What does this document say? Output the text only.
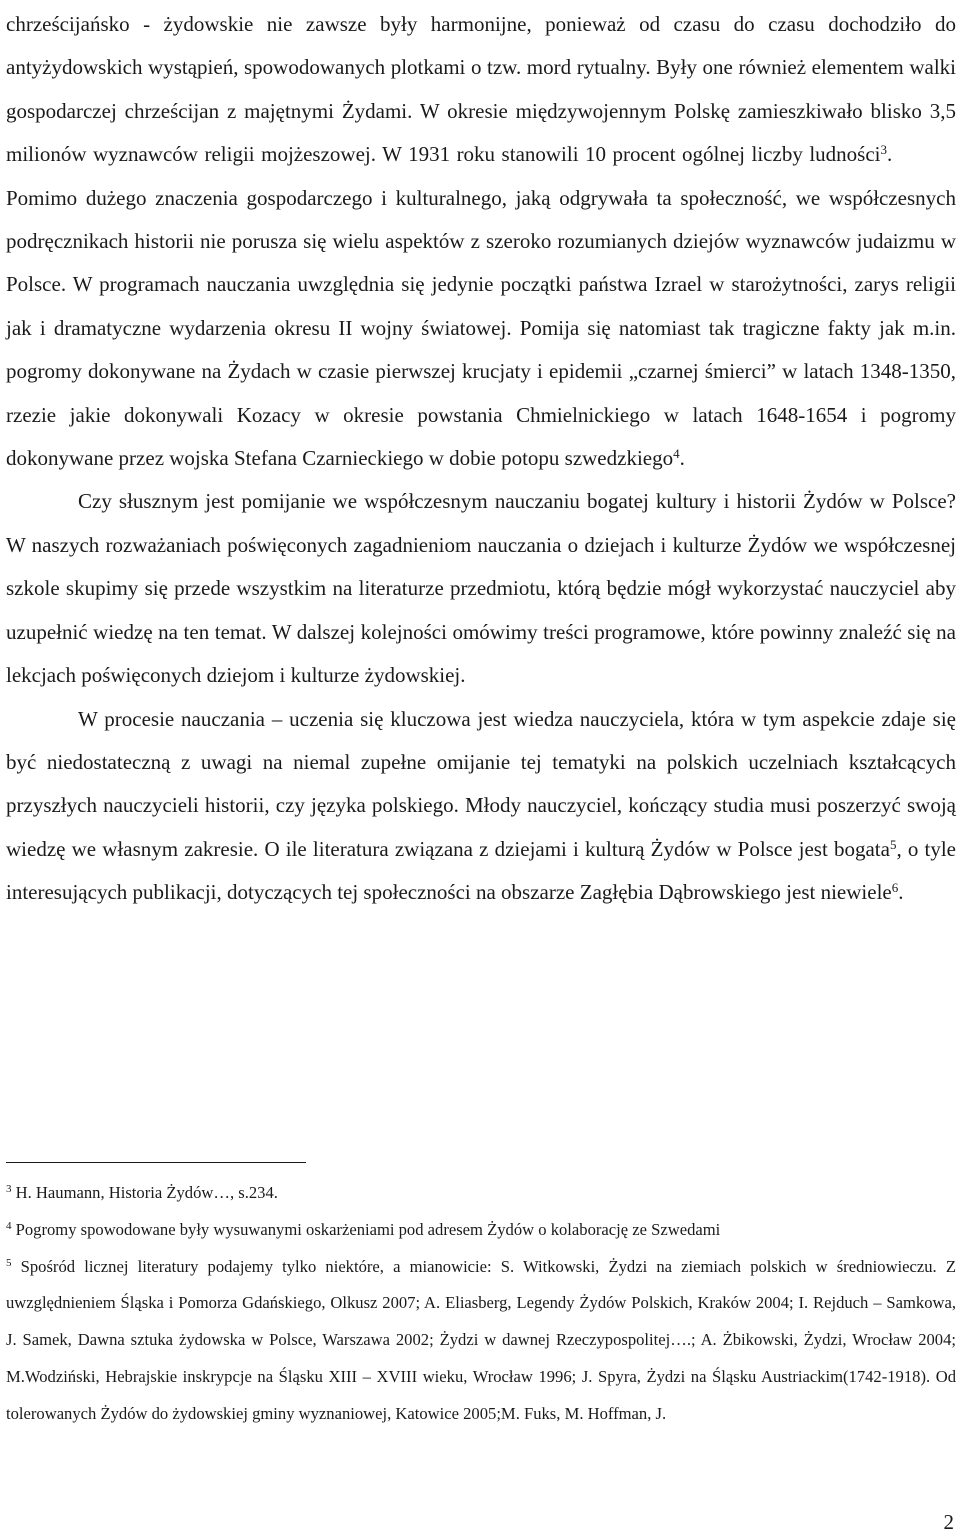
chrześcijańsko - żydowskie nie zawsze były harmonijne, ponieważ od czasu do czasu dochodziło do antyżydowskich wystąpień, spowodowanych plotkami o tzw. mord rytualny. Były one również elementem walki gospodarczej chrześcijan z majętnymi Żydami. W okresie międzywojennym Polskę zamieszkiwało blisko 3,5 milionów wyznawców religii mojżeszowej. W 1931 roku stanowili 10 procent ogólnej liczby ludności$^3$.           Pomimo dużego znaczenia gospodarczego i kulturalnego, jaką odgrywała ta społeczność, we współczesnych podręcznikach historii nie porusza się wielu aspektów z szeroko rozumianych dziejów wyznawców judaizmu w Polsce. W programach nauczania uwzględnia się jedynie początki państwa Izrael w starożytności, zarys religii jak i dramatyczne wydarzenia okresu II wojny światowej. Pomija się natomiast tak tragiczne fakty jak m.in. pogromy dokonywane na Żydach w czasie pierwszej krucjaty i epidemii „czarnej śmierci” w latach 1348-1350, rzezie jakie dokonywali Kozacy w okresie powstania Chmielnickiego w latach 1648-1654 i pogromy dokonywane przez wojska Stefana Czarnieckiego w dobie potopu szwedzkiego$^4$.

Czy słusznym jest pomijanie we współczesnym nauczaniu bogatej kultury i historii Żydów w Polsce? W naszych rozważaniach poświęconych zagadnieniom nauczania o dziejach i kulturze Żydów we współczesnej szkole skupimy się przede wszystkim na literaturze przedmiotu, którą będzie mógł wykorzystać nauczyciel aby uzupełnić wiedzę na ten temat. W dalszej kolejności omówimy treści programowe, które powinny znaleźć się na lekcjach poświęconych dziejom i kulturze żydowskiej.

W procesie nauczania – uczenia się kluczowa jest wiedza nauczyciela, która w tym aspekcie zdaje się być niedostateczną z uwagi na niemal zupełne omijanie tej tematyki na polskich uczelniach kształcących przyszłych nauczycieli historii, czy języka polskiego. Młody nauczyciel, kończący studia musi poszerzyć swoją wiedzę we własnym zakresie. O ile literatura związana z dziejami i kulturą Żydów w Polsce jest bogata$^5$, o tyle interesujących publikacji, dotyczących tej społeczności na obszarze Zagłębia Dąbrowskiego jest niewiele$^6$.

$^3$ H. Haumann, Historia Żydów…, s.234.

$^4$ Pogromy spowodowane były wysuwanymi oskarżeniami pod adresem Żydów o kolaborację ze Szwedami

$^5$ Spośród licznej literatury podajemy tylko niektóre, a mianowicie: S. Witkowski, Żydzi na ziemiach polskich w średniowieczu. Z uwzględnieniem Śląska i Pomorza Gdańskiego, Olkusz 2007; A. Eliasberg, Legendy Żydów Polskich, Kraków 2004; I. Rejduch – Samkowa, J. Samek, Dawna sztuka żydowska w Polsce, Warszawa 2002; Żydzi w dawnej Rzeczypospolitej….; A. Żbikowski, Żydzi, Wrocław 2004; M.Wodziński, Hebrajskie inskrypcje na Śląsku XIII – XVIII wieku, Wrocław 1996; J. Spyra, Żydzi na Śląsku Austriackim(1742-1918). Od tolerowanych Żydów do żydowskiej gminy wyznaniowej, Katowice 2005;M. Fuks, M. Hoffman, J.

2
